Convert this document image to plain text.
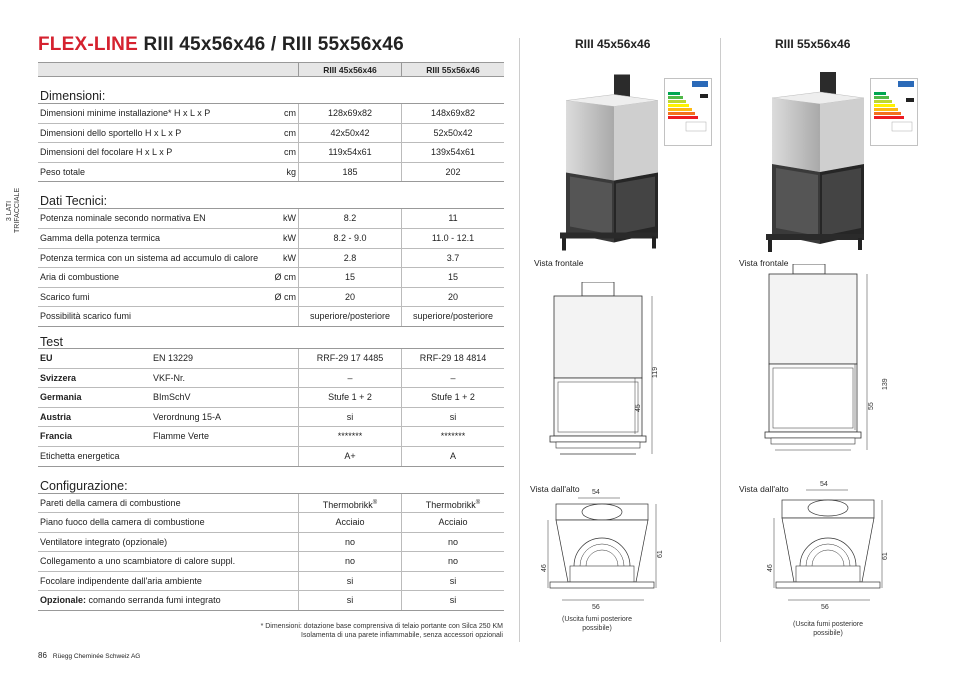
FLEX-LINE RIII 45x56x46 / RIII 55x56x46
3 LATI TRIFACCIALE
RIII 45x56x46	RIII 55x56x46
Dimensioni:
Dimensioni minime installazione* H x L x P	cm	128x69x82	148x69x82
Dimensioni dello sportello H x L x P	cm	42x50x42	52x50x42
Dimensioni del focolare H x L x P	cm	119x54x61	139x54x61
Peso totale	kg	185	202
Dati Tecnici:
Potenza nominale secondo normativa EN	kW	8.2	11
Gamma della potenza termica	kW	8.2 - 9.0	11.0 - 12.1
Potenza termica con un sistema ad accumulo di calore	kW	2.8	3.7
Aria di combustione	Ø cm	15	15
Scarico fumi	Ø cm	20	20
Possibilità scarico fumi	superiore/posteriore	superiore/posteriore
Test
EU	EN 13229	RRF-29 17 4485	RRF-29 18 4814
Svizzera	VKF-Nr.	–	–
Germania	BImSchV	Stufe 1 + 2	Stufe 1 + 2
Austria	Verordnung 15-A	si	si
Francia	Flamme Verte	*******	*******
Etichetta energetica	A+	A
Configurazione:
Pareti della camera di combustione	Thermobrikk®	Thermobrikk®
Piano fuoco della camera di combustione	Acciaio	Acciaio
Ventilatore integrato (opzionale)	no	no
Collegamento a uno scambiatore di calore suppl.	no	no
Focolare indipendente dall'aria ambiente	si	si
Opzionale: comando serranda fumi integrato	si	si
* Dimensioni: dotazione base comprensiva di telaio portante con Silca 250 KM
Isolamenta di una parete infiammabile, senza accessori opzionali
86 Rüegg Cheminée Schweiz AG
RIII 45x56x46
Vista frontale
119
45
Vista dall'alto 54
46
61
56
(Uscita fumi posteriore
possibile)
RIII 55x56x46
Vista frontale
139
55
Vista dall'alto	54
46
61
56
(Uscita fumi posteriore
possibile)
